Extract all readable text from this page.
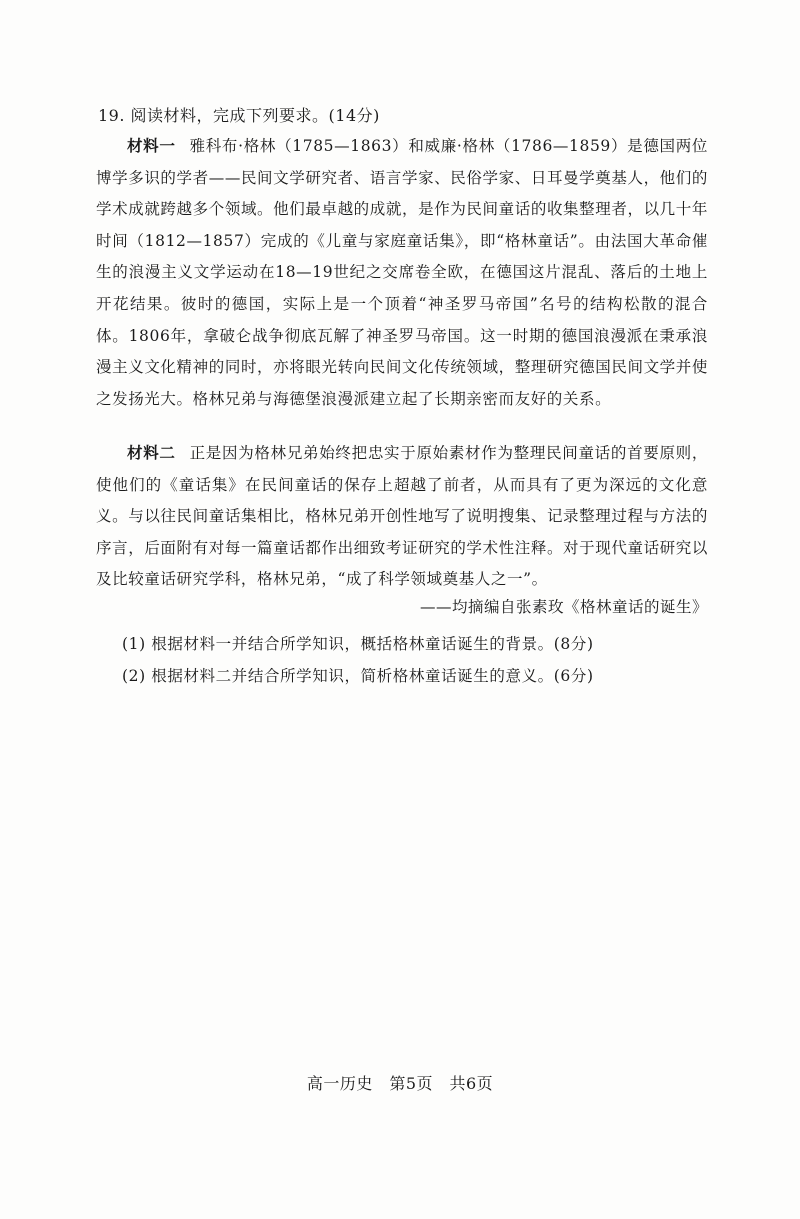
19. 阅读材料，完成下列要求。(14分)

材料一 雅科布·格林（1785—1863）和威廉·格林（1786—1859）是德国两位博学多识的学者——民间文学研究者、语言学家、民俗学家、日耳曼学奠基人，他们的学术成就跨越多个领域。他们最卓越的成就，是作为民间童话的收集整理者，以几十年时间（1812—1857）完成的《儿童与家庭童话集》，即“格林童话”。由法国大革命催生的浪漫主义文学运动在18—19世纪之交席卷全欧，在德国这片混乱、落后的土地上开花结果。彼时的德国，实际上是一个顶着“神圣罗马帝国”名号的结构松散的混合体。1806年，拿破仑战争彻底瓦解了神圣罗马帝国。这一时期的德国浪漫派在秉承浪漫主义文化精神的同时，亦将眼光转向民间文化传统领域，整理研究德国民间文学并使之发扬光大。格林兄弟与海德堡浪漫派建立起了长期亲密而友好的关系。

材料二 正是因为格林兄弟始终把忠实于原始素材作为整理民间童话的首要原则，使他们的《童话集》在民间童话的保存上超越了前者，从而具有了更为深远的文化意义。与以往民间童话集相比，格林兄弟开创性地写了说明搜集、记录整理过程与方法的序言，后面附有对每一篇童话都作出细致考证研究的学术性注释。对于现代童话研究以及比较童话研究学科，格林兄弟，“成了科学领域奠基人之一”。

——均摘编自张素玫《格林童话的诞生》
(1) 根据材料一并结合所学知识，概括格林童话诞生的背景。(8分)
(2) 根据材料二并结合所学知识，简析格林童话诞生的意义。(6分)
高一历史　第5页　共6页
